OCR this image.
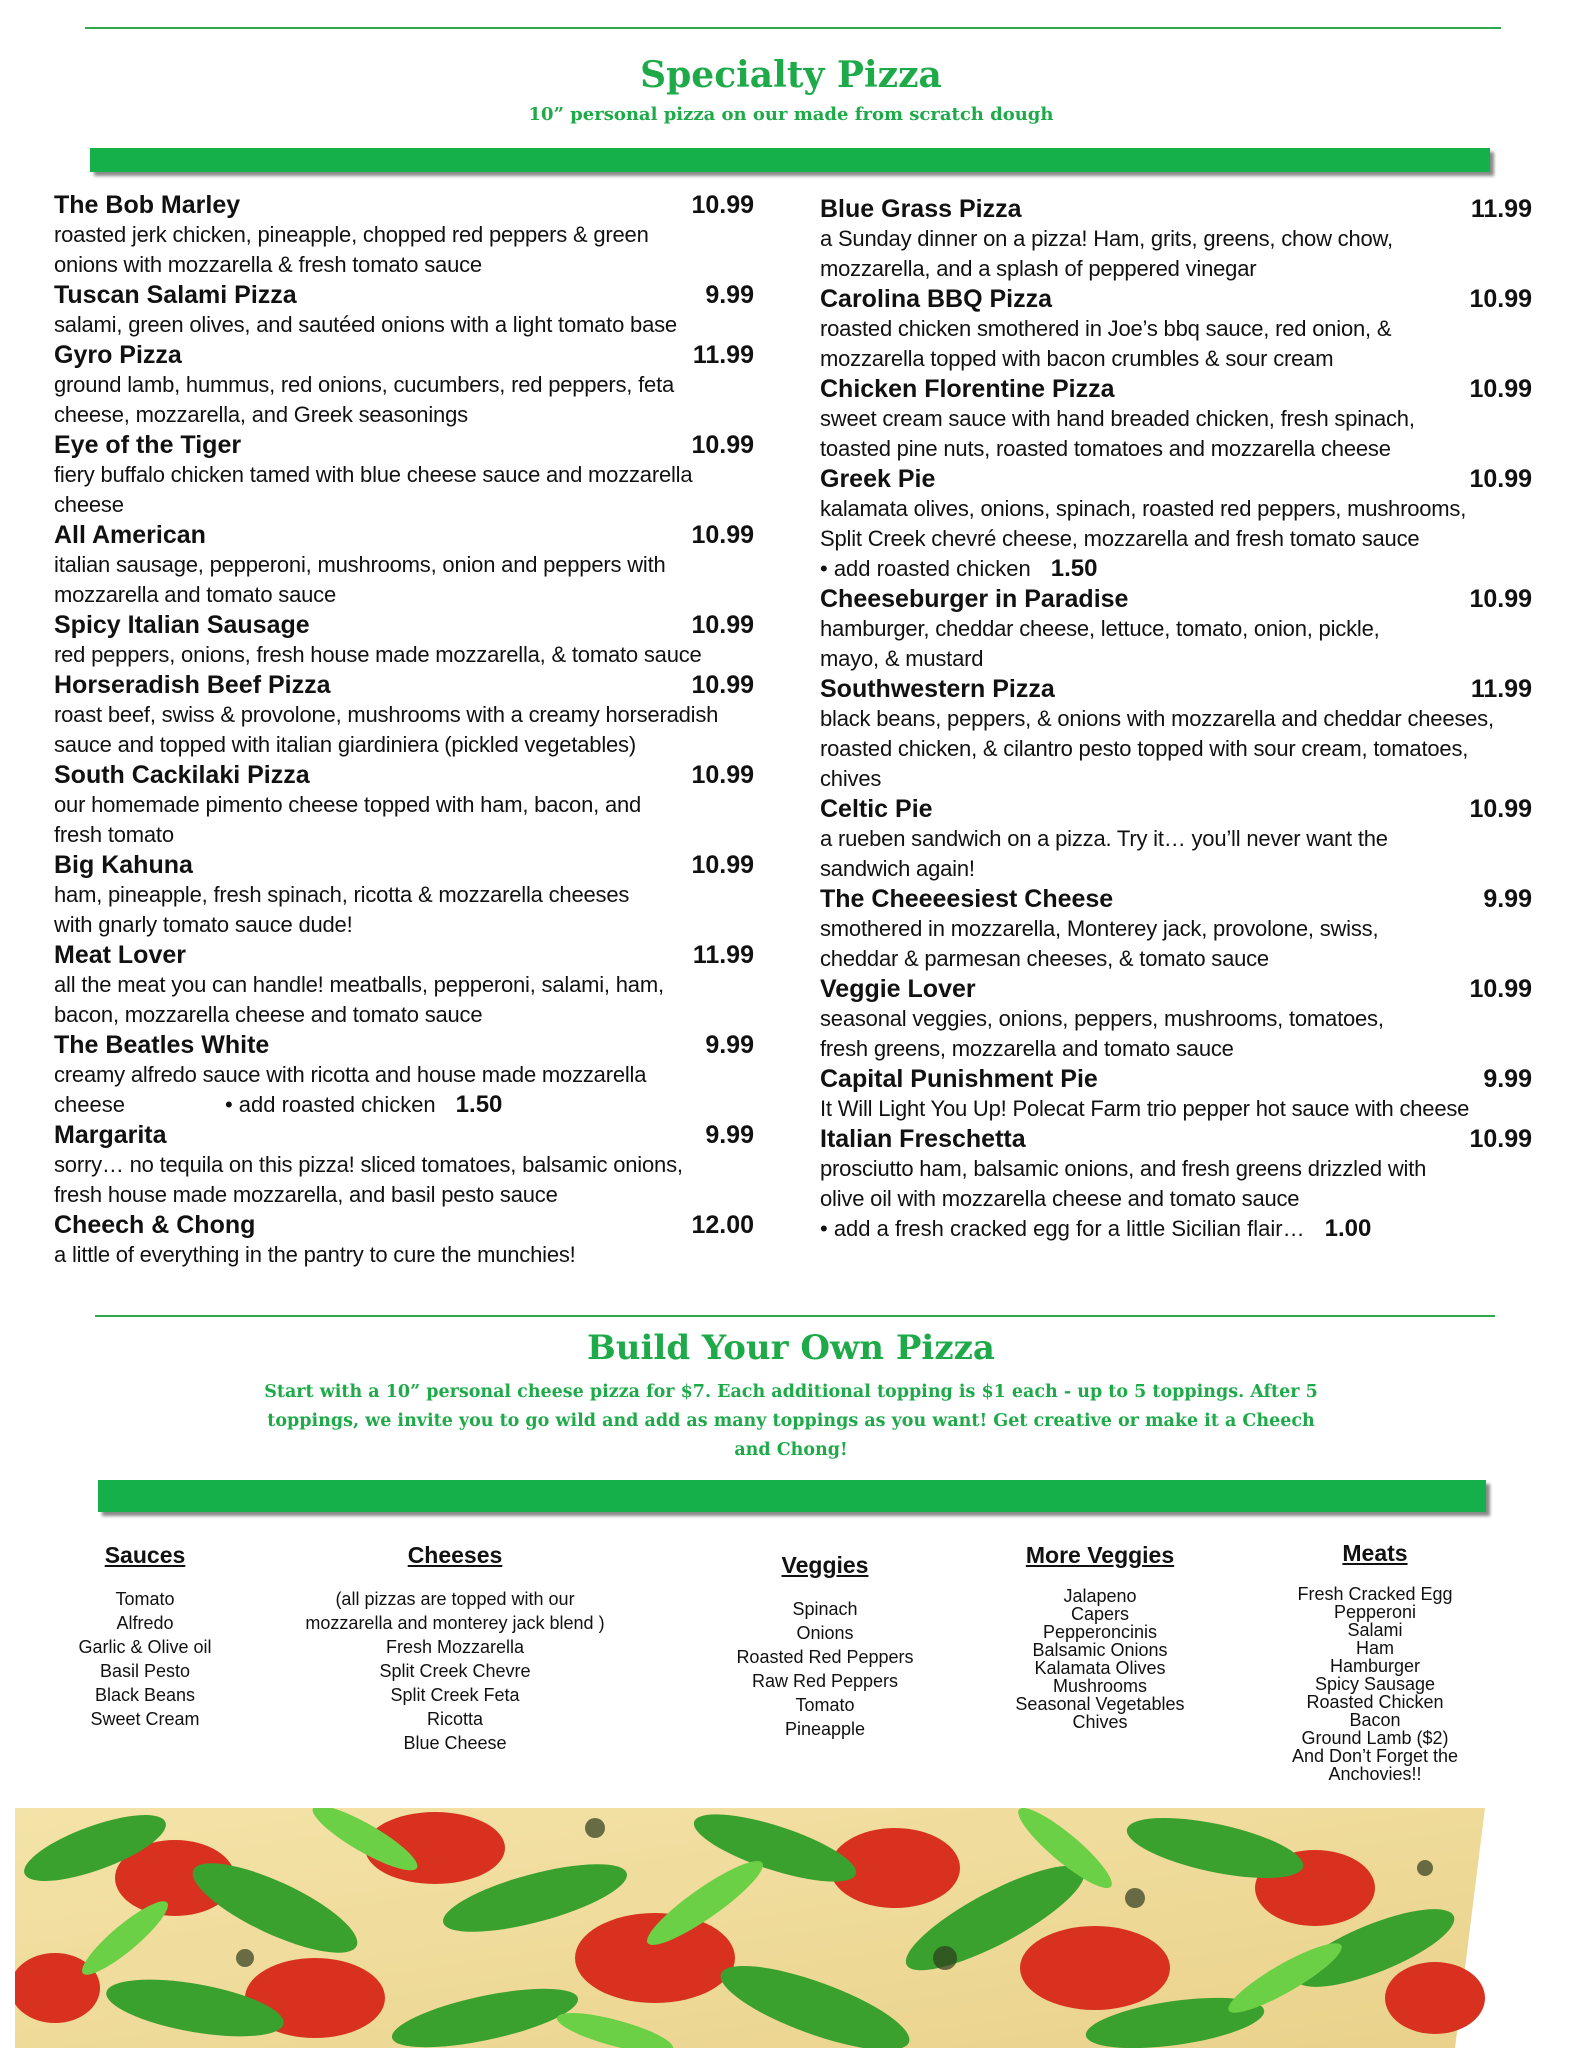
Specialty Pizza
10” personal pizza on our made from scratch dough
The Bob Marley	10.99
roasted jerk chicken, pineapple, chopped red peppers & green
onions with mozzarella & fresh tomato sauce
Tuscan Salami Pizza	9.99
salami, green olives, and sautéed onions with a light tomato base
Gyro Pizza	11.99
ground lamb, hummus, red onions, cucumbers, red peppers, feta
cheese, mozzarella, and Greek seasonings
Eye of the Tiger	10.99
fiery buffalo chicken tamed with blue cheese sauce and mozzarella cheese
All American	10.99
italian sausage, pepperoni, mushrooms, onion and peppers with
mozzarella and tomato sauce
Spicy Italian Sausage	10.99
red peppers, onions, fresh house made mozzarella, & tomato sauce
Horseradish Beef Pizza	10.99
roast beef, swiss & provolone, mushrooms with a creamy horseradish
sauce and topped with italian giardiniera (pickled vegetables)
South Cackilaki Pizza	10.99
our homemade pimento cheese topped with ham, bacon, and
fresh tomato
Big Kahuna	10.99
ham, pineapple, fresh spinach, ricotta & mozzarella cheeses
with gnarly tomato sauce dude!
Meat Lover	11.99
all the meat you can handle! meatballs, pepperoni, salami, ham,
bacon, mozzarella cheese and tomato sauce
The Beatles White	9.99
creamy alfredo sauce with ricotta and house made mozzarella
cheese	• add roasted chicken 1.50
Margarita	9.99
sorry… no tequila on this pizza! sliced tomatoes, balsamic onions,
fresh house made mozzarella, and basil pesto sauce
Cheech & Chong	12.00
a little of everything in the pantry to cure the munchies!
Blue Grass Pizza	11.99
a Sunday dinner on a pizza! Ham, grits, greens, chow chow,
mozzarella, and a splash of peppered vinegar
Carolina BBQ Pizza	10.99
roasted chicken smothered in Joe’s bbq sauce, red onion, &
mozzarella topped with bacon crumbles & sour cream
Chicken Florentine Pizza	10.99
sweet cream sauce with hand breaded chicken, fresh spinach,
toasted pine nuts, roasted tomatoes and mozzarella cheese
Greek Pie	10.99
kalamata olives, onions, spinach, roasted red peppers, mushrooms,
Split Creek chevré cheese, mozzarella and fresh tomato sauce
• add roasted chicken 1.50
Cheeseburger in Paradise	10.99
hamburger, cheddar cheese, lettuce, tomato, onion, pickle,
mayo, & mustard
Southwestern Pizza	11.99
black beans, peppers, & onions with mozzarella and cheddar cheeses,
roasted chicken, & cilantro pesto topped with sour cream, tomatoes, chives
Celtic Pie	10.99
a rueben sandwich on a pizza. Try it… you’ll never want the
sandwich again!
The Cheeeesiest Cheese	9.99
smothered in mozzarella, Monterey jack, provolone, swiss,
cheddar & parmesan cheeses, & tomato sauce
Veggie Lover	10.99
seasonal veggies, onions, peppers, mushrooms, tomatoes,
fresh greens, mozzarella and tomato sauce
Capital Punishment Pie	9.99
It Will Light You Up! Polecat Farm trio pepper hot sauce with cheese
Italian Freschetta	10.99
prosciutto ham, balsamic onions, and fresh greens drizzled with
olive oil with mozzarella cheese and tomato sauce
• add a fresh cracked egg for a little Sicilian flair… 1.00
Build Your Own Pizza
Start with a 10” personal cheese pizza for $7. Each additional topping is $1 each - up to 5 toppings. After 5
toppings, we invite you to go wild and add as many toppings as you want! Get creative or make it a Cheech
and Chong!
Sauces
Tomato
Alfredo
Garlic & Olive oil
Basil Pesto
Black Beans
Sweet Cream
Cheeses
(all pizzas are topped with our
mozzarella and monterey jack blend )
Fresh Mozzarella
Split Creek Chevre
Split Creek Feta
Ricotta
Blue Cheese
Veggies
Spinach
Onions
Roasted Red Peppers
Raw Red Peppers
Tomato
Pineapple
More Veggies
Jalapeno
Capers
Pepperoncinis
Balsamic Onions
Kalamata Olives
Mushrooms
Seasonal Vegetables
Chives
Meats
Fresh Cracked Egg
Pepperoni
Salami
Ham
Hamburger
Spicy Sausage
Roasted Chicken
Bacon
Ground Lamb ($2)
And Don’t Forget the
Anchovies!!
